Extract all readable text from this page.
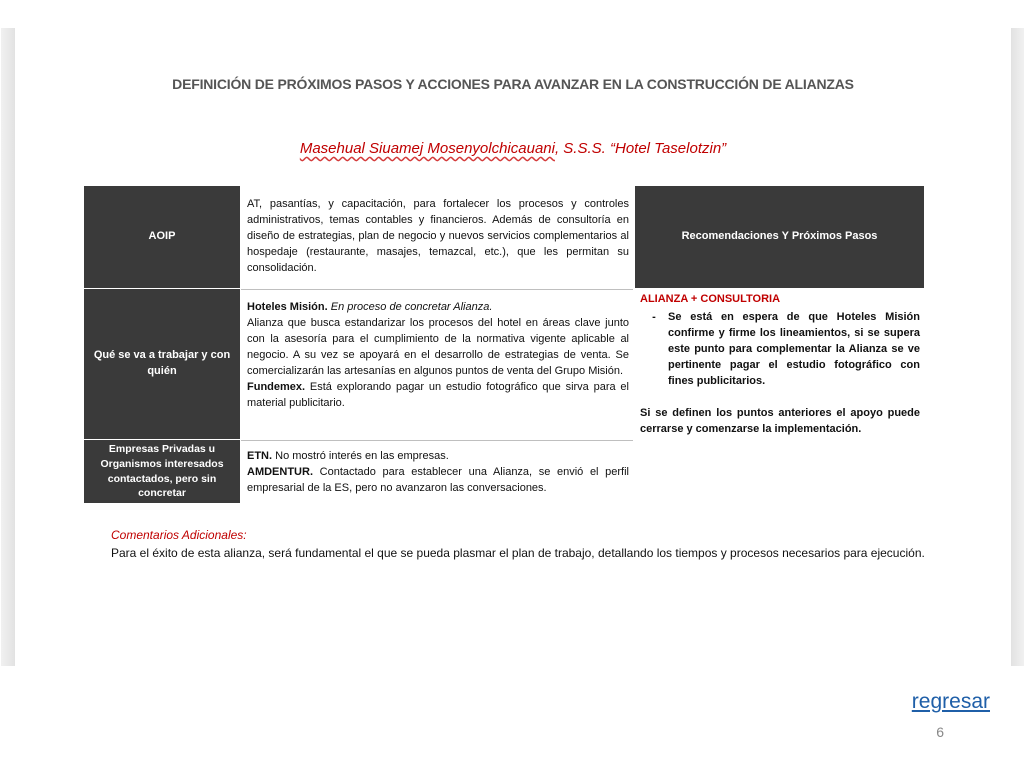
DEFINICIÓN DE PRÓXIMOS PASOS Y ACCIONES PARA AVANZAR EN LA CONSTRUCCIÓN DE ALIANZAS
Masehual Siuamej Mosenyolchicauani, S.S.S. “Hotel Taselotzin”
AOIP
Qué se va a trabajar y con quién
Empresas Privadas u Organismos interesados contactados, pero sin concretar

AT, pasantías, y capacitación, para fortalecer los procesos y controles administrativos, temas contables y financieros. Además de consultoría en diseño de estrategias, plan de negocio y nuevos servicios complementarios al hospedaje (restaurante, masajes, temazcal, etc.), que les permitan su consolidación.

Hoteles Misión. En proceso de concretar Alianza.

Alianza que busca estandarizar los procesos del hotel en áreas clave junto con la asesoría para el cumplimiento de la normativa vigente aplicable al negocio. A su vez se apoyará en el desarrollo de estrategias de venta. Se comercializarán las artesanías en algunos puntos de venta del Grupo Misión.

Fundemex. Está explorando pagar un estudio fotográfico que sirva para el material publicitario.

ETN. No mostró interés en las empresas.

AMDENTUR. Contactado para establecer una Alianza, se envió el perfil empresarial de la ES, pero no avanzaron las conversaciones.

Recomendaciones Y Próximos Pasos
ALIANZA + CONSULTORIA
-	Se está en espera de que Hoteles Misión confirme y firme los lineamientos, si se supera este punto para complementar la Alianza se ve pertinente pagar el estudio fotográfico con fines publicitarios.
Si se definen los puntos anteriores el apoyo puede cerrarse y comenzarse la implementación.
Comentarios Adicionales:
Para el éxito de esta alianza, será fundamental el que se pueda plasmar el plan de trabajo, detallando los tiempos y procesos necesarios para ejecución.
regresar
6
